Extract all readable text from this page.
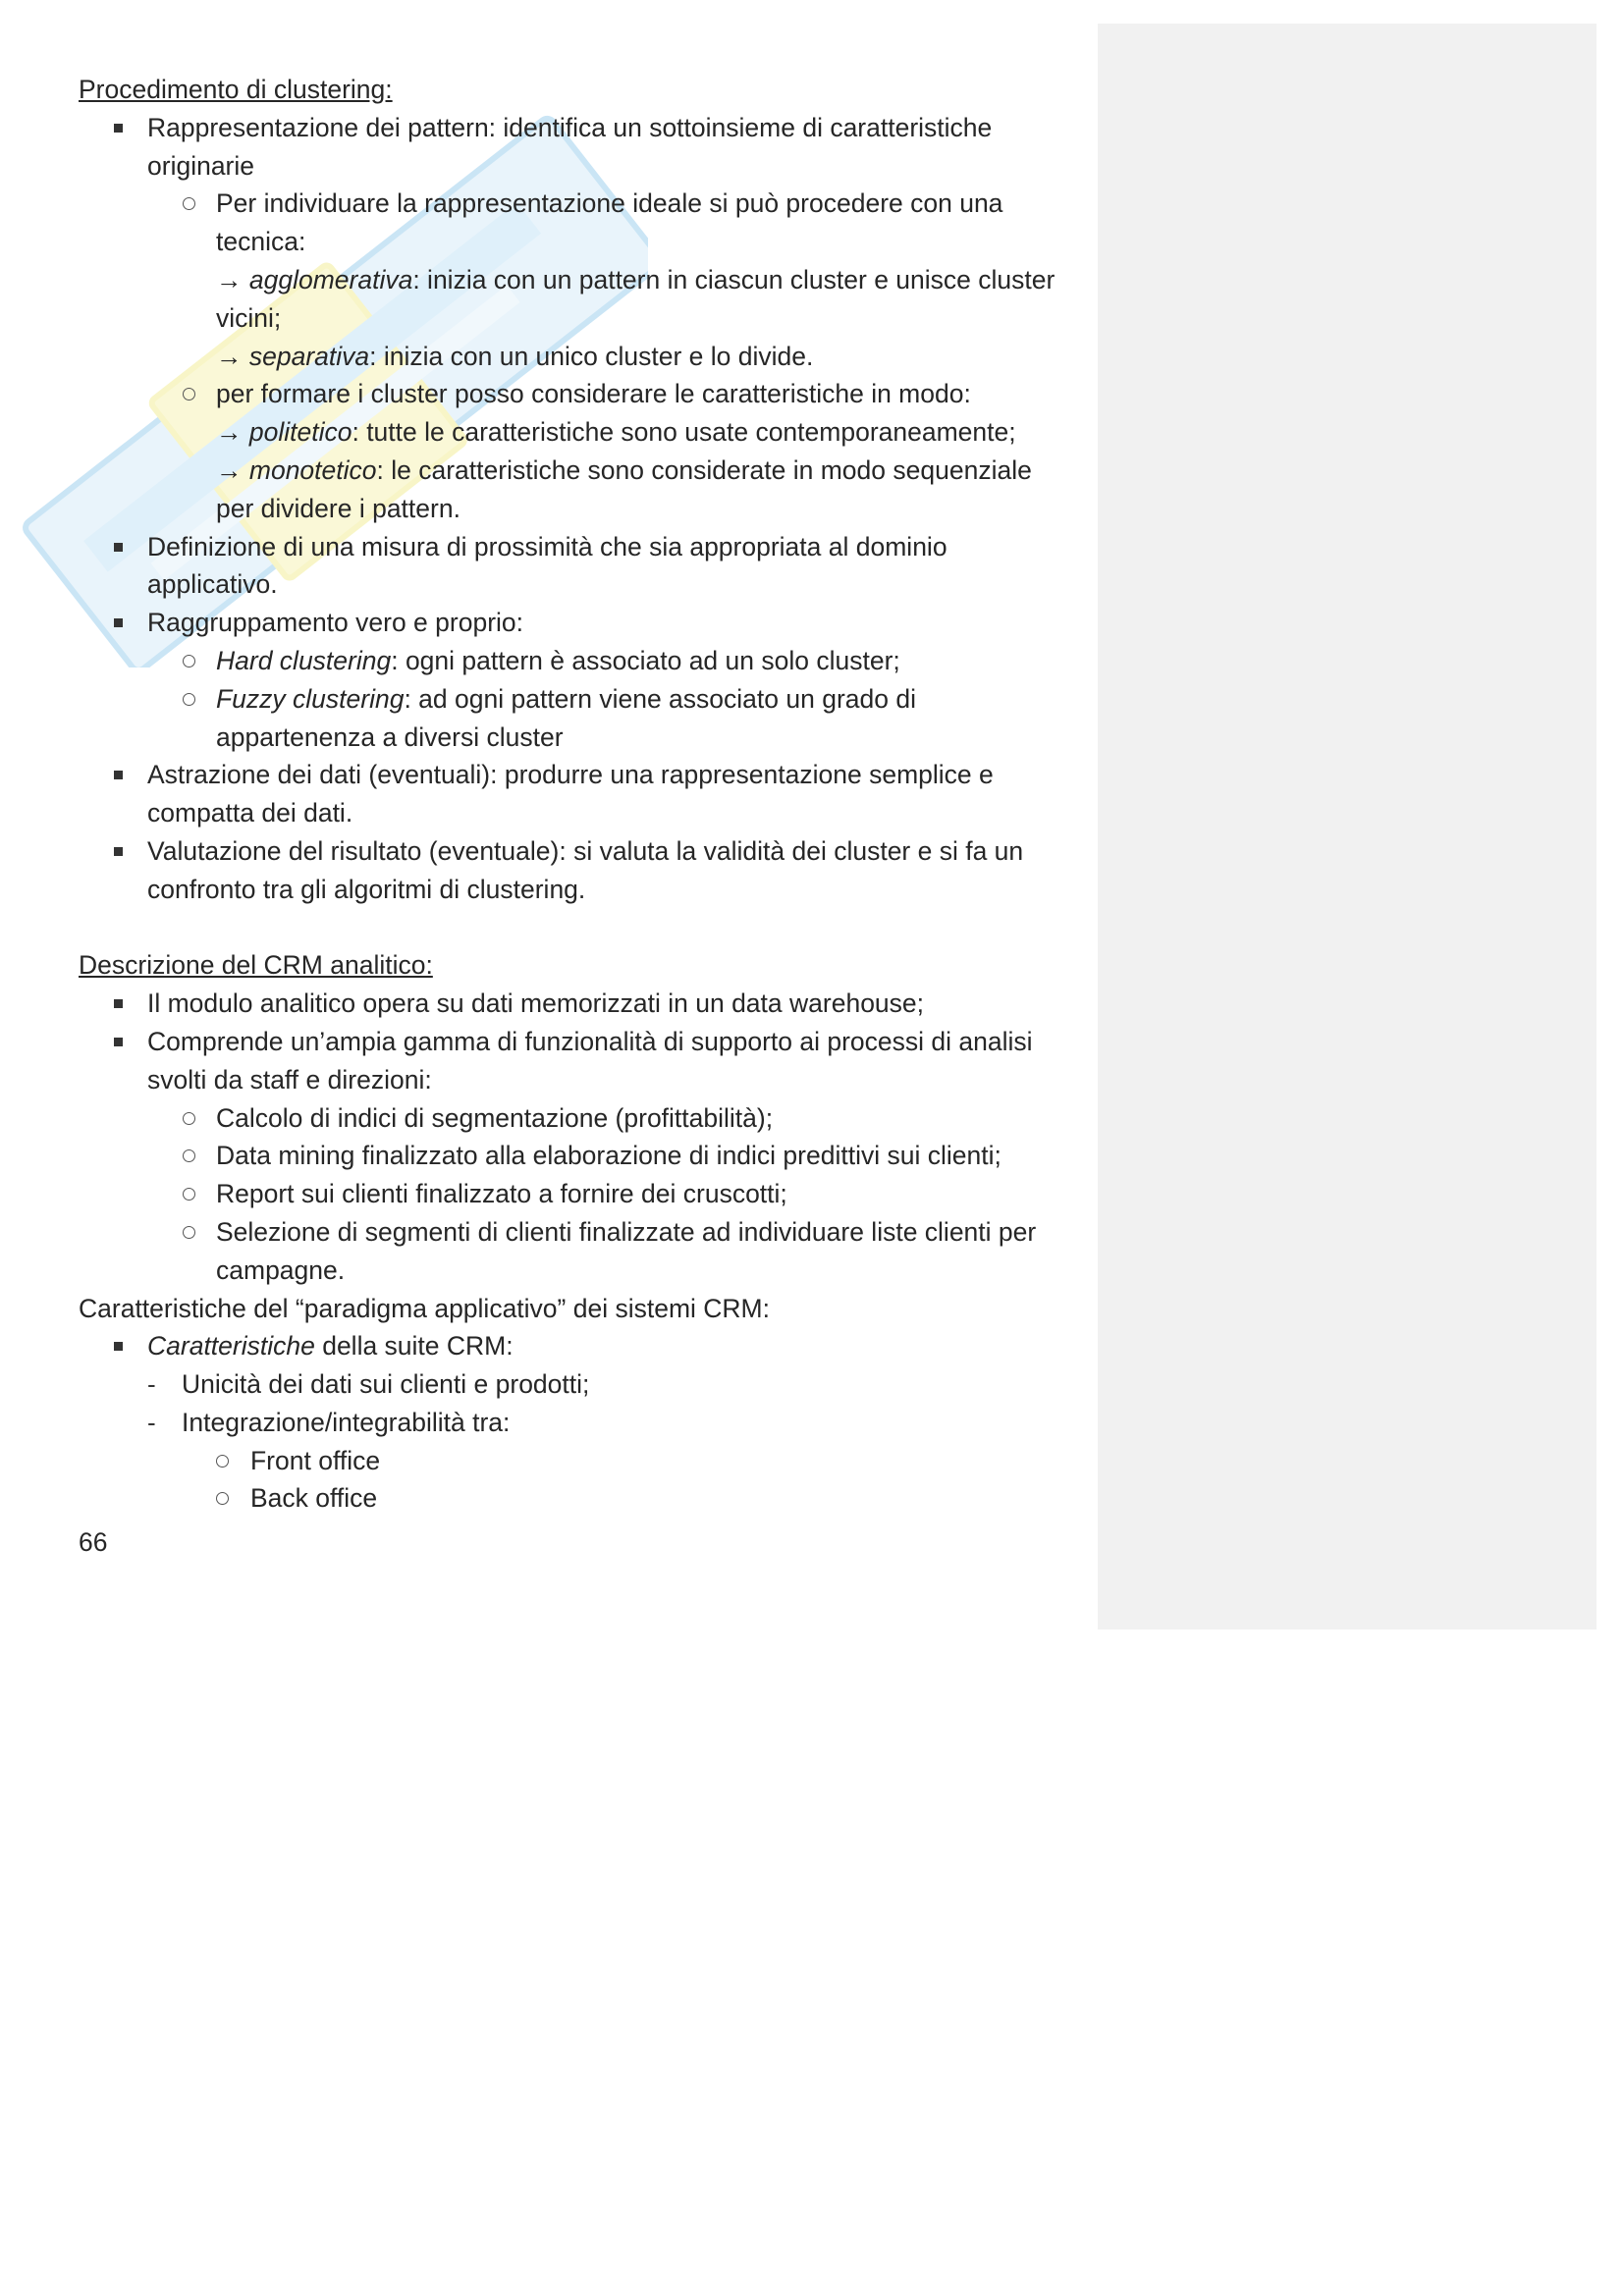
Procedimento di clustering:
Rappresentazione dei pattern: identifica un sottoinsieme di caratteristiche
originarie
Per individuare la rappresentazione ideale si può procedere con una
tecnica:
→ agglomerativa: inizia con un pattern in ciascun cluster e unisce cluster
vicini;
→ separativa: inizia con un unico cluster e lo divide.
per formare i cluster posso considerare le caratteristiche in modo:
→ politetico: tutte le caratteristiche sono usate contemporaneamente;
→ monotetico: le caratteristiche sono considerate in modo sequenziale
per dividere i pattern.
Definizione di una misura di prossimità che sia appropriata al dominio
applicativo.
Raggruppamento vero e proprio:
Hard clustering: ogni pattern è associato ad un solo cluster;
Fuzzy clustering: ad ogni pattern viene associato un grado di
appartenenza a diversi cluster
Astrazione dei dati (eventuali): produrre una rappresentazione semplice e
compatta dei dati.
Valutazione del risultato (eventuale): si valuta la validità dei cluster e si fa un
confronto tra gli algoritmi di clustering.
Descrizione del CRM analitico:
Il modulo analitico opera su dati memorizzati in un data warehouse;
Comprende un’ampia gamma di funzionalità di supporto ai processi di analisi
svolti da staff e direzioni:
Calcolo di indici di segmentazione (profittabilità);
Data mining finalizzato alla elaborazione di indici predittivi sui clienti;
Report sui clienti finalizzato a fornire dei cruscotti;
Selezione di segmenti di clienti finalizzate ad individuare liste clienti per
campagne.
Caratteristiche del “paradigma applicativo” dei sistemi CRM:
Caratteristiche della suite CRM:
- Unicità dei dati sui clienti e prodotti;
- Integrazione/integrabilità tra:
Front office
Back office
66
